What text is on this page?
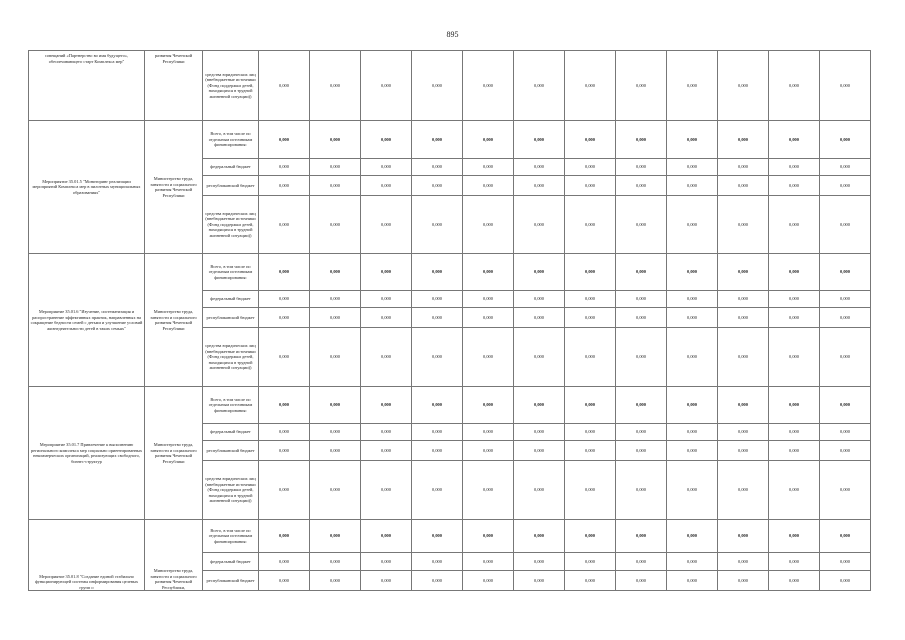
895
совещаний «Партнерство во имя будущего», обеспечивающего старт Комплекса мер"	развития Чеченской Республики	средства юридических лиц (внебюджетные источники (Фонд поддержки детей, находящихся в трудной жизненной ситуации))	0,000	0,000	0,000	0,000	0,000	0,000	0,000	0,000	0,000	0,000	0,000	0,000
Мероприятие 35.01.5 "Мониторинг реализации мероприятий Комплекса мер в пилотных муниципальных образованиях"	Министерство труда, занятости и социального развития Чеченской Республики	Всего, в том числе по отдельным источникам финансирования:	0,000	0,000	0,000	0,000	0,000	0,000	0,000	0,000	0,000	0,000	0,000	0,000
		федеральный бюджет	0,000	0,000	0,000	0,000	0,000	0,000	0,000	0,000	0,000	0,000	0,000	0,000
		республиканский бюджет	0,000	0,000	0,000	0,000	0,000	0,000	0,000	0,000	0,000	0,000	0,000	0,000
		средства юридических лиц (внебюджетные источники (Фонд поддержки детей, находящихся в трудной жизненной ситуации))	0,000	0,000	0,000	0,000	0,000	0,000	0,000	0,000	0,000	0,000	0,000	0,000
Мероприятие 35.01.6 "Изучение, систематизация и распространение эффективных практик, направленных на сокращение бедности семей с детьми и улучшение условий жизнедеятельности детей в таких семьях"	Министерство труда, занятости и социального развития Чеченской Республики	Всего, в том числе по отдельным источникам финансирования:	0,000	0,000	0,000	0,000	0,000	0,000	0,000	0,000	0,000	0,000	0,000	0,000
		федеральный бюджет	0,000	0,000	0,000	0,000	0,000	0,000	0,000	0,000	0,000	0,000	0,000	0,000
		республиканский бюджет	0,000	0,000	0,000	0,000	0,000	0,000	0,000	0,000	0,000	0,000	0,000	0,000
		средства юридических лиц (внебюджетные источники (Фонд поддержки детей, находящихся в трудной жизненной ситуации))	0,000	0,000	0,000	0,000	0,000	0,000	0,000	0,000	0,000	0,000	0,000	0,000
Мероприятие 35.01.7 Привлечение к выполнению регионального комплекса мер социально ориентированных некоммерческих организаций, реализующих свободного, бизнес-структур	Министерство труда, занятости и социального развития Чеченской Республики	Всего, в том числе по отдельным источникам финансирования:	0,000	0,000	0,000	0,000	0,000	0,000	0,000	0,000	0,000	0,000	0,000	0,000
		федеральный бюджет	0,000	0,000	0,000	0,000	0,000	0,000	0,000	0,000	0,000	0,000	0,000	0,000
		республиканский бюджет	0,000	0,000	0,000	0,000	0,000	0,000	0,000	0,000	0,000	0,000	0,000	0,000
		средства юридических лиц (внебюджетные источники (Фонд поддержки детей, находящихся в трудной жизненной ситуации))	0,000	0,000	0,000	0,000	0,000	0,000	0,000	0,000	0,000	0,000	0,000	0,000
Мероприятие 35.01.8 "Создание единой стабильно функционирующей системы информирования целевых групп о	Министерство труда, занятости и социального развития Чеченской Республики,	Всего, в том числе по отдельным источникам финансирования:	0,000	0,000	0,000	0,000	0,000	0,000	0,000	0,000	0,000	0,000	0,000	0,000
		федеральный бюджет	0,000	0,000	0,000	0,000	0,000	0,000	0,000	0,000	0,000	0,000	0,000	0,000
		республиканский бюджет	0,000	0,000	0,000	0,000	0,000	0,000	0,000	0,000	0,000	0,000	0,000	0,000
